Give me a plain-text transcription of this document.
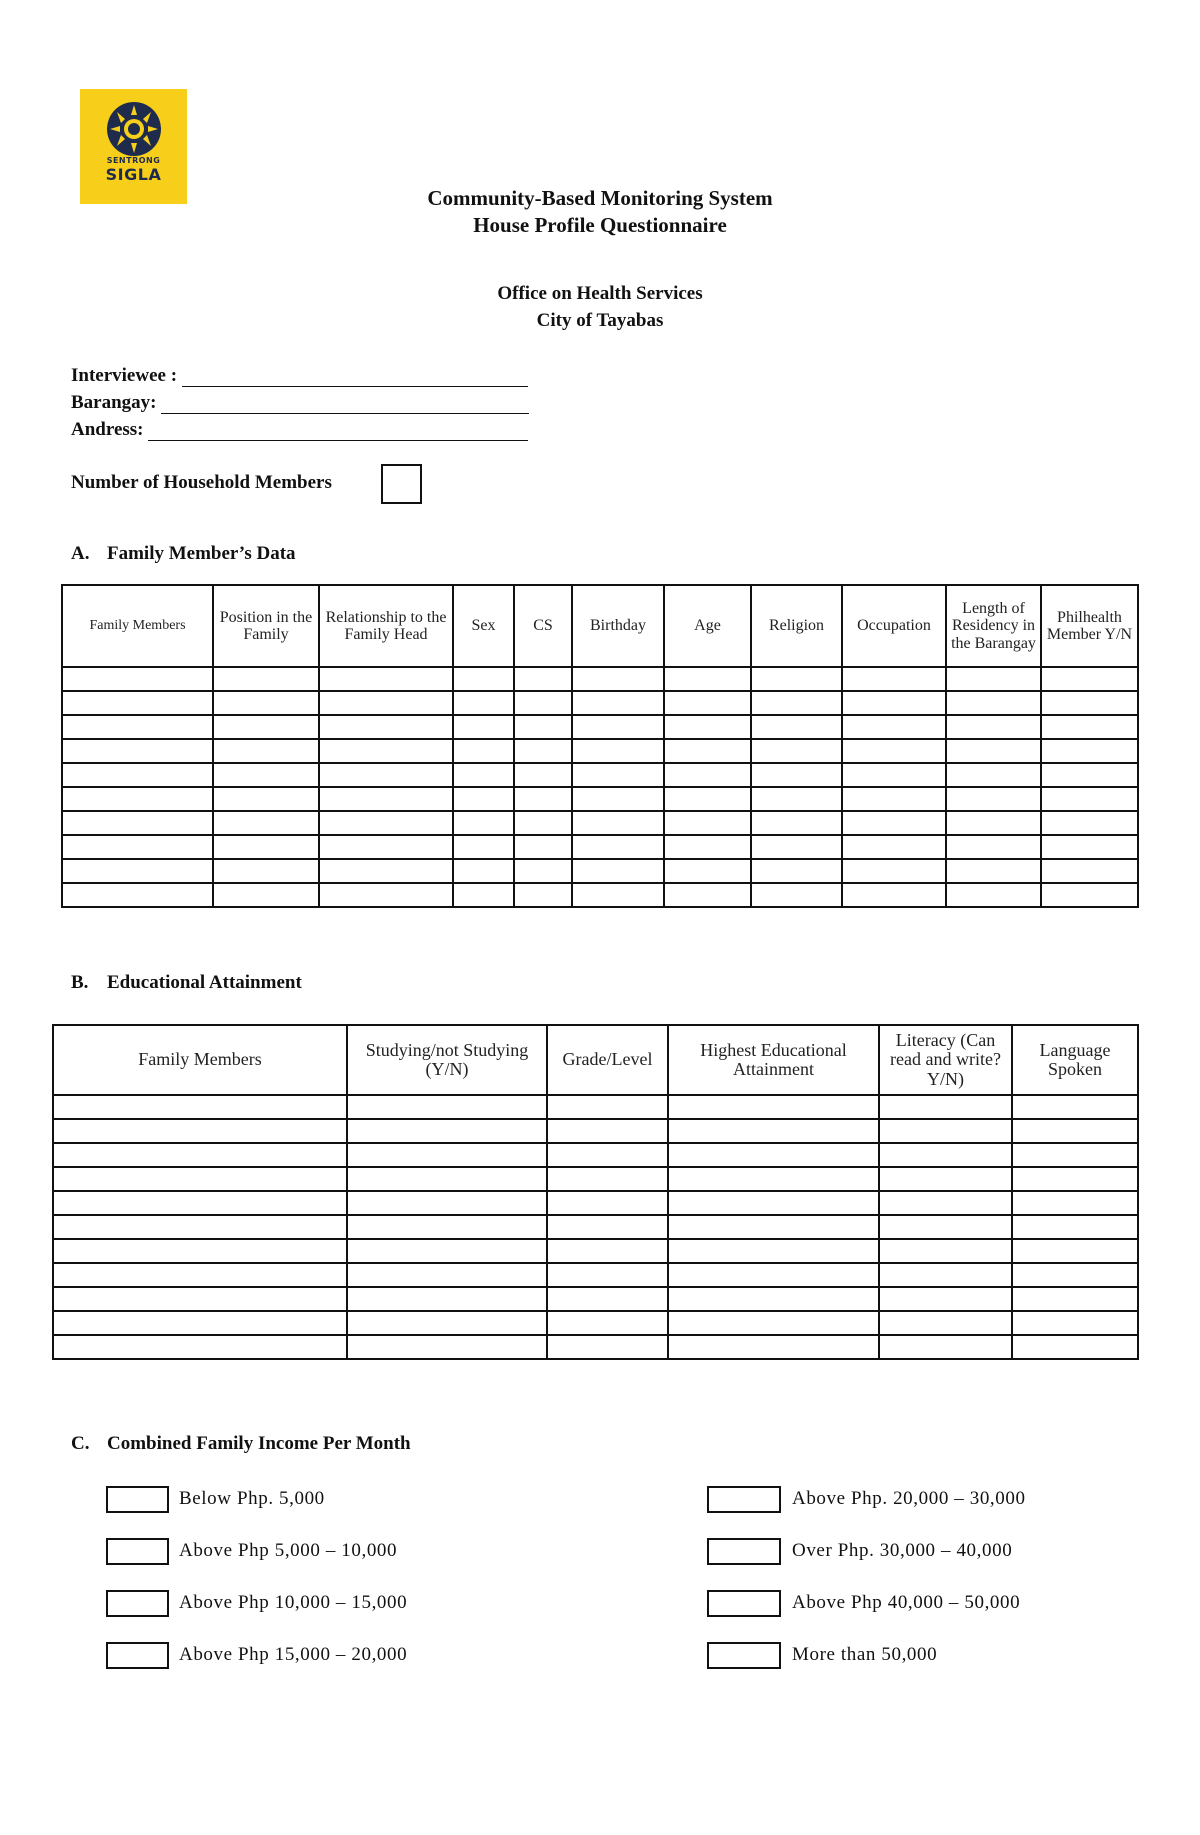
SENTRONG
SIGLA
Community-Based Monitoring System
House Profile Questionnaire
Office on Health Services
City of Tayabas
Interviewee :
Barangay:
Andress:
Number of Household Members
A. Family Member’s Data
Family Members	Position in the Family	Relationship to the Family Head	Sex	CS	Birthday	Age	Religion	Occupation	Length of Residency in the Barangay	Philhealth Member Y/N

B. Educational Attainment
Family Members	Studying/not Studying (Y/N)	Grade/Level	Highest Educational Attainment	Literacy (Can read and write? Y/N)	Language Spoken

C. Combined Family Income Per Month
Below Php. 5,000
Above Php 5,000 – 10,000
Above Php 10,000 – 15,000
Above Php 15,000 – 20,000
Above Php. 20,000 – 30,000
Over Php. 30,000 – 40,000
Above Php 40,000 – 50,000
More than 50,000
